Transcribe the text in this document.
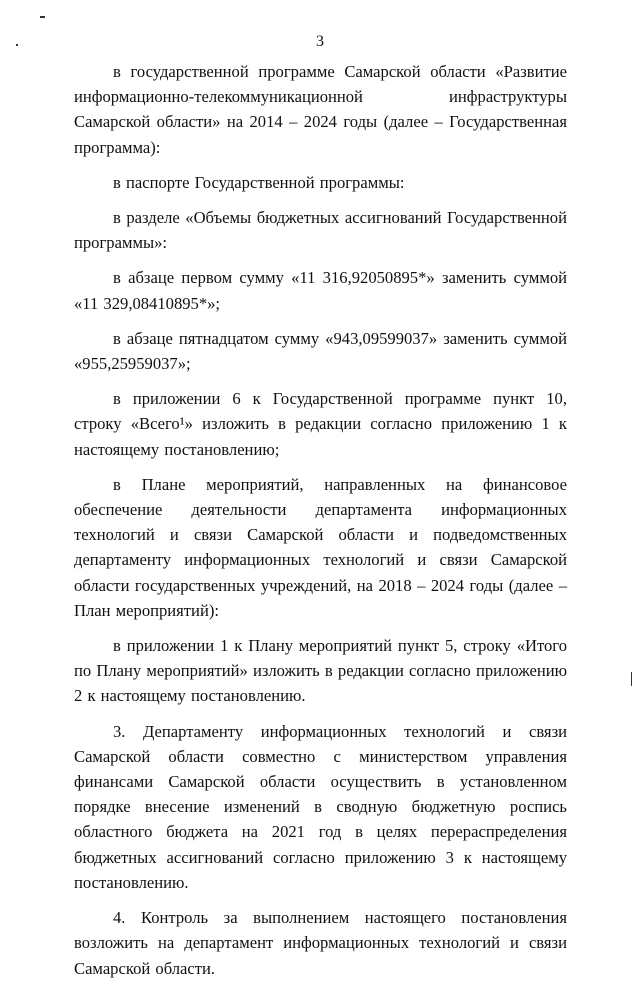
3

в государственной программе Самарской области «Развитие информационно-телекоммуникационной инфраструктуры Самарской области» на 2014 – 2024 годы (далее – Государственная программа):

в паспорте Государственной программы:

в разделе «Объемы бюджетных ассигнований Государственной программы»:

в абзаце первом сумму «11 316,92050895*» заменить суммой «11 329,08410895*»;

в абзаце пятнадцатом сумму «943,09599037» заменить суммой «955,25959037»;

в приложении 6 к Государственной программе пункт 10, строку «Всего¹» изложить в редакции согласно приложению 1 к настоящему постановлению;

в Плане мероприятий, направленных на финансовое обеспечение деятельности департамента информационных технологий и связи Самарской области и подведомственных департаменту информационных технологий и связи Самарской области государственных учреждений, на 2018 – 2024 годы (далее – План мероприятий):

в приложении 1 к Плану мероприятий пункт 5, строку «Итого по Плану мероприятий» изложить в редакции согласно приложению 2 к настоящему постановлению.

3. Департаменту информационных технологий и связи Самарской области совместно с министерством управления финансами Самарской области осуществить в установленном порядке внесение изменений в сводную бюджетную роспись областного бюджета на 2021 год в целях перераспределения бюджетных ассигнований согласно приложению 3 к настоящему постановлению.

4. Контроль за выполнением настоящего постановления возложить на департамент информационных технологий и связи Самарской области.
